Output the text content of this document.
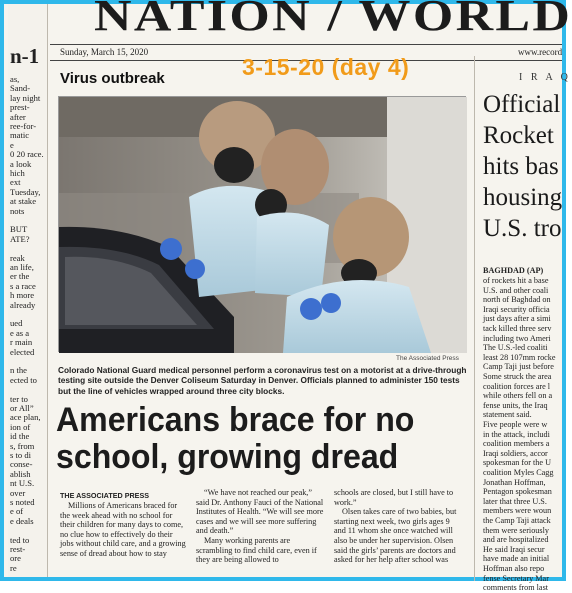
n-1
as,
Sand-
lay night
prest-
after
ree-for-
matic
e
0 20 race.
a look
hich
ext
Tuesday,
at stake
nots
BUT
ATE?
reak
an life,
er the
s a race
h more
already
ued
e as a
r main
elected
n the
ected to
ter to
or All”
ace plan,
ion of
id the
s, from
s to di
conse-
ablish
nt U.S.
over
s noted
e of
e deals
ted to
rest-
ore
re
NATION / WORLD
Sunday, March 15, 2020	www.record
Virus outbreak	3-15-20 (day 4)
The Associated Press
Colorado National Guard medical personnel perform a coronavirus test on a motorist at a drive-through testing site outside the Denver Coliseum Saturday in Denver. Officials planned to administer 150 tests but the line of vehicles wrapped around three city blocks.
Americans brace for no
school, growing dread
THE ASSOCIATED PRESS

Millions of Americans braced for the week ahead with no school for their children for many days to come, no clue how to effectively do their jobs without child care, and a growing sense of dread about how to stay

“We have not reached our peak,” said Dr. Anthony Fauci of the National Institutes of Health. “We will see more cases and we will see more suffering and death.”

Many working parents are scrambling to find child care, even if they are being allowed to

schools are closed, but I still have to work.”

Olsen takes care of two babies, but starting next week, two girls ages 9 and 11 whom she once watched will also be under her supervision. Olsen said the girls’ parents are doctors and asked for her help after school was

I R A Q
Official
Rocket
hits bas
housing
U.S. tro
BAGHDAD (AP)
of rockets hit a base
U.S. and other coali
north of Baghdad on
Iraqi security officia
just days after a simi
tack killed three serv
including two Ameri
The U.S.-led coaliti
least 28 107mm rocke
Camp Taji just before
Some struck the area
coalition forces are l
while others fell on a
fense units, the Iraq
statement said.
Five people were w
in the attack, includi
coalition members a
Iraqi soldiers, accor
spokesman for the U
coalition Myles Cagg
Jonathan Hoffman,
Pentagon spokesman
later that three U.S.
members were woun
the Camp Taji attack
them were seriously
and are hospitalized
He said Iraqi secur
have made an initial
Hoffman also repo
fense Secretary Mar
comments from last
